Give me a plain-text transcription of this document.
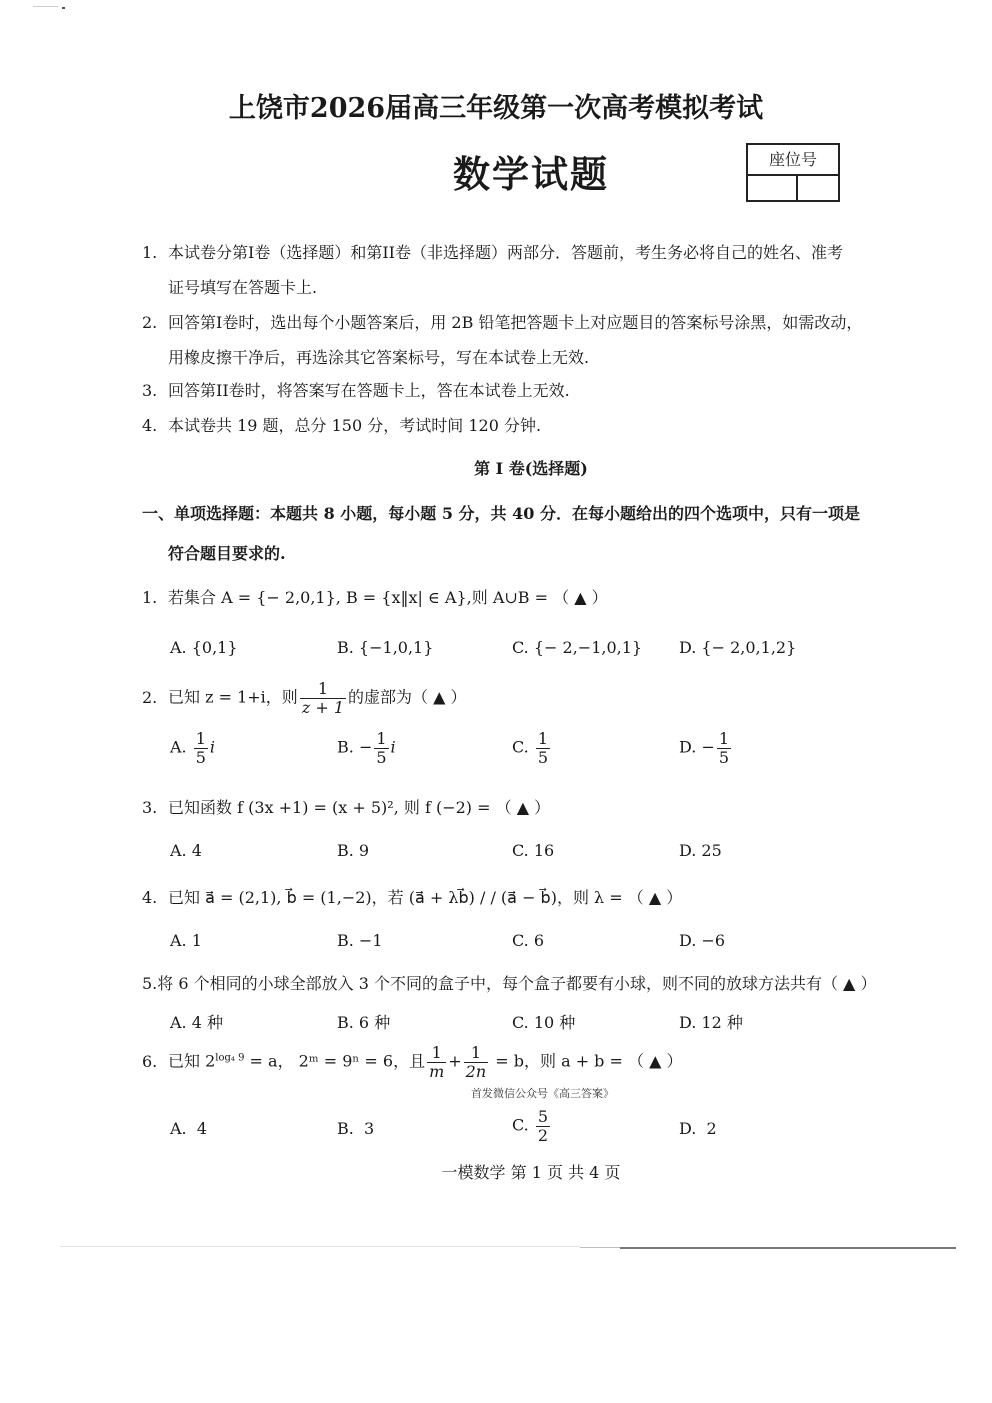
上饶市2026届高三年级第一次高考模拟考试
数学试题	座位号
1. 本试卷分第I卷（选择题）和第II卷（非选择题）两部分．答题前，考生务必将自己的姓名、准考
证号填写在答题卡上.
2. 回答第I卷时，选出每个小题答案后，用 2B 铅笔把答题卡上对应题目的答案标号涂黑，如需改动，
用橡皮擦干净后，再选涂其它答案标号，写在本试卷上无效.
3. 回答第II卷时，将答案写在答题卡上，答在本试卷上无效.
4. 本试卷共 19 题，总分 150 分，考试时间 120 分钟.
第 I 卷(选择题)
一、单项选择题：本题共 8 小题，每小题 5 分，共 40 分．在每小题给出的四个选项中，只有一项是
符合题目要求的.
1. 若集合 A = {− 2,0,1}, B = {x‖x| ∈ A},则 A∪B = （ ▲ ）
A. {0,1}	B. {−1,0,1}	C. {− 2,−1,0,1} D. {− 2,0,1,2}
2. 已知 z = 1+i，则 $\frac{1}{z + 1}$ 的虚部为（ ▲ ）
A. $\frac{1}{5}$ i	B. − $\frac{1}{5}$ i	C. $\frac{1}{5}$	D. − $\frac{1}{5}$
3. 已知函数 f (3x +1) = (x + 5)², 则 f (−2) = （ ▲ ）
A. 4	B. 9	C. 16	D. 25
4. 已知 a⃗ = (2,1), b⃗ = (1,−2)，若 (a⃗ + λb⃗) / / (a⃗ − b⃗)，则 λ = （ ▲ ）
A. 1	B. −1	C. 6	D. −6
5.将 6 个相同的小球全部放入 3 个不同的盒子中，每个盒子都要有小球，则不同的放球方法共有（ ▲ ）
A. 4 种	B. 6 种	C. 10 种	D. 12 种
6. 已知 $2^{log_4 9} = a$， 2ᵐ = 9ⁿ = 6，且 $\frac{1}{m} + \frac{1}{2n} = b$，则 a + b = （ ▲ ）
首发微信公众号《高三答案》
A. 4	B. 3	C. $\frac{5}{2}$	D. 2
一模数学 第 1 页 共 4 页
